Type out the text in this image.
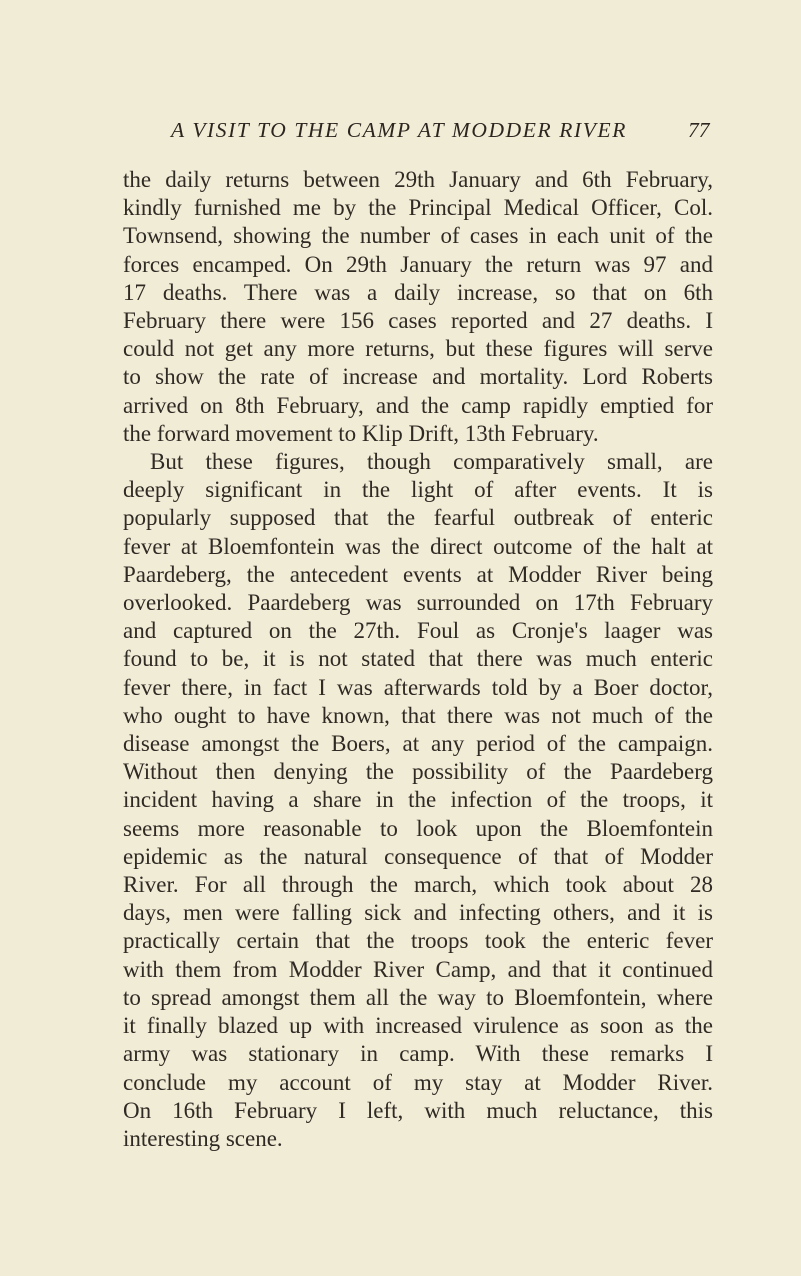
A VISIT TO THE CAMP AT MODDER RIVER	77

the daily returns between 29th January and 6th February,

kindly furnished me by the Principal Medical Officer, Col.

Townsend, showing the number of cases in each unit of the

forces encamped. On 29th January the return was 97 and

17 deaths. There was a daily increase, so that on 6th

February there were 156 cases reported and 27 deaths. I

could not get any more returns, but these figures will serve

to show the rate of increase and mortality. Lord Roberts

arrived on 8th February, and the camp rapidly emptied for

the forward movement to Klip Drift, 13th February.

But these figures, though comparatively small, are

deeply significant in the light of after events. It is

popularly supposed that the fearful outbreak of enteric

fever at Bloemfontein was the direct outcome of the halt at

Paardeberg, the antecedent events at Modder River being

overlooked. Paardeberg was surrounded on 17th February

and captured on the 27th. Foul as Cronje's laager was

found to be, it is not stated that there was much enteric

fever there, in fact I was afterwards told by a Boer doctor,

who ought to have known, that there was not much of the

disease amongst the Boers, at any period of the campaign.

Without then denying the possibility of the Paardeberg

incident having a share in the infection of the troops, it

seems more reasonable to look upon the Bloemfontein

epidemic as the natural consequence of that of Modder

River. For all through the march, which took about 28

days, men were falling sick and infecting others, and it is

practically certain that the troops took the enteric fever

with them from Modder River Camp, and that it continued

to spread amongst them all the way to Bloemfontein, where

it finally blazed up with increased virulence as soon as the

army was stationary in camp. With these remarks I

conclude my account of my stay at Modder River.

On 16th February I left, with much reluctance, this

interesting scene.
